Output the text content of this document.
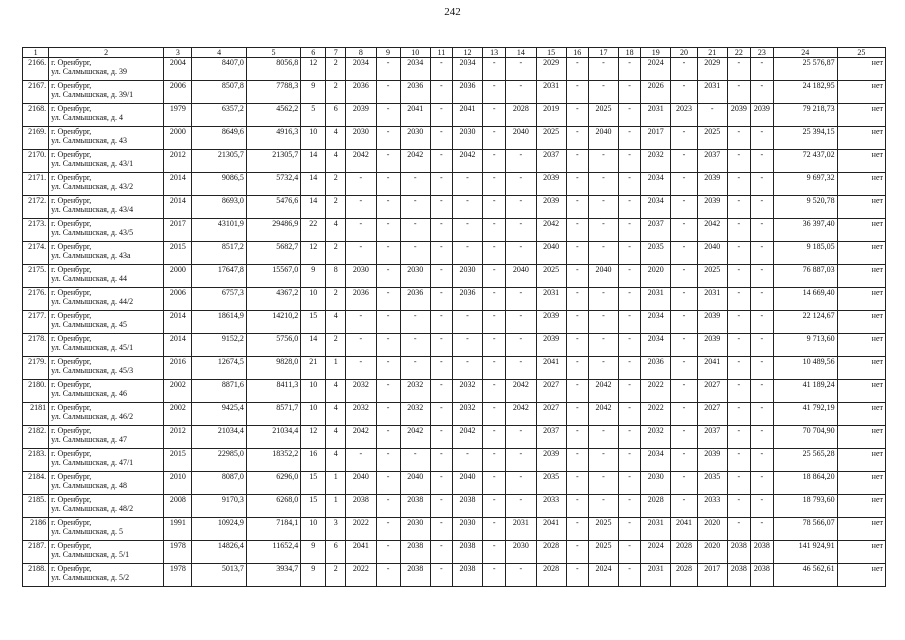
242
1	2	3	4	5	6	7	8	9	10	11	12	13	14	15	16	17	18	19	20	21	22	23	24	25
2166.	г. Оренбург,
ул. Салмышская, д. 39	2004	8407,0	8056,8	12	2	2034	-	2034	-	2034	-	-	2029	-	-	-	2024	-	2029	-	-	25 576,87	нет
2167.	г. Оренбург,
ул. Салмышская, д. 39/1	2006	8507,8	7788,3	9	2	2036	-	2036	-	2036	-	-	2031	-	-	-	2026	-	2031	-	-	24 182,95	нет
2168.	г. Оренбург,
ул. Салмышская, д. 4	1979	6357,2	4562,2	5	6	2039	-	2041	-	2041	-	2028	2019	-	2025	-	2031	2023	-	2039	2039	79 218,73	нет
2169.	г. Оренбург,
ул. Салмышская, д. 43	2000	8649,6	4916,3	10	4	2030	-	2030	-	2030	-	2040	2025	-	2040	-	2017	-	2025	-	-	25 394,15	нет
2170.	г. Оренбург,
ул. Салмышская, д. 43/1	2012	21305,7	21305,7	14	4	2042	-	2042	-	2042	-	-	2037	-	-	-	2032	-	2037	-	-	72 437,02	нет
2171.	г. Оренбург,
ул. Салмышская, д. 43/2	2014	9086,5	5732,4	14	2	-	-	-	-	-	-	-	2039	-	-	-	2034	-	2039	-	-	9 697,32	нет
2172.	г. Оренбург,
ул. Салмышская, д. 43/4	2014	8693,0	5476,6	14	2	-	-	-	-	-	-	-	2039	-	-	-	2034	-	2039	-	-	9 520,78	нет
2173.	г. Оренбург,
ул. Салмышская, д. 43/5	2017	43101,9	29486,9	22	4	-	-	-	-	-	-	-	2042	-	-	-	2037	-	2042	-	-	36 397,40	нет
2174.	г. Оренбург,
ул. Салмышская, д. 43а	2015	8517,2	5682,7	12	2	-	-	-	-	-	-	-	2040	-	-	-	2035	-	2040	-	-	9 185,05	нет
2175.	г. Оренбург,
ул. Салмышская, д. 44	2000	17647,8	15567,0	9	8	2030	-	2030	-	2030	-	2040	2025	-	2040	-	2020	-	2025	-	-	76 887,03	нет
2176.	г. Оренбург,
ул. Салмышская, д. 44/2	2006	6757,3	4367,2	10	2	2036	-	2036	-	2036	-	-	2031	-	-	-	2031	-	2031	-	-	14 669,40	нет
2177.	г. Оренбург,
ул. Салмышская, д. 45	2014	18614,9	14210,2	15	4	-	-	-	-	-	-	-	2039	-	-	-	2034	-	2039	-	-	22 124,67	нет
2178.	г. Оренбург,
ул. Салмышская, д. 45/1	2014	9152,2	5756,0	14	2	-	-	-	-	-	-	-	2039	-	-	-	2034	-	2039	-	-	9 713,60	нет
2179.	г. Оренбург,
ул. Салмышская, д. 45/3	2016	12674,5	9828,0	21	1	-	-	-	-	-	-	-	2041	-	-	-	2036	-	2041	-	-	10 489,56	нет
2180.	г. Оренбург,
ул. Салмышская, д. 46	2002	8871,6	8411,3	10	4	2032	-	2032	-	2032	-	2042	2027	-	2042	-	2022	-	2027	-	-	41 189,24	нет
2181	г. Оренбург,
ул. Салмышская, д. 46/2	2002	9425,4	8571,7	10	4	2032	-	2032	-	2032	-	2042	2027	-	2042	-	2022	-	2027	-	-	41 792,19	нет
2182.	г. Оренбург,
ул. Салмышская, д. 47	2012	21034,4	21034,4	12	4	2042	-	2042	-	2042	-	-	2037	-	-	-	2032	-	2037	-	-	70 704,90	нет
2183.	г. Оренбург,
ул. Салмышская, д. 47/1	2015	22985,0	18352,2	16	4	-	-	-	-	-	-	-	2039	-	-	-	2034	-	2039	-	-	25 565,28	нет
2184.	г. Оренбург,
ул. Салмышская, д. 48	2010	8087,0	6296,0	15	1	2040	-	2040	-	2040	-	-	2035	-	-	-	2030	-	2035	-	-	18 864,20	нет
2185.	г. Оренбург,
ул. Салмышская, д. 48/2	2008	9170,3	6268,0	15	1	2038	-	2038	-	2038	-	-	2033	-	-	-	2028	-	2033	-	-	18 793,60	нет
2186	г. Оренбург,
ул. Салмышская, д. 5	1991	10924,9	7184,1	10	3	2022	-	2030	-	2030	-	2031	2041	-	2025	-	2031	2041	2020	-	-	78 566,07	нет
2187.	г. Оренбург,
ул. Салмышская, д. 5/1	1978	14826,4	11652,4	9	6	2041	-	2038	-	2038	-	2030	2028	-	2025	-	2024	2028	2020	2038	2038	141 924,91	нет
2188.	г. Оренбург,
ул. Салмышская, д. 5/2	1978	5013,7	3934,7	9	2	2022	-	2038	-	2038	-	-	2028	-	2024	-	2031	2028	2017	2038	2038	46 562,61	нет
